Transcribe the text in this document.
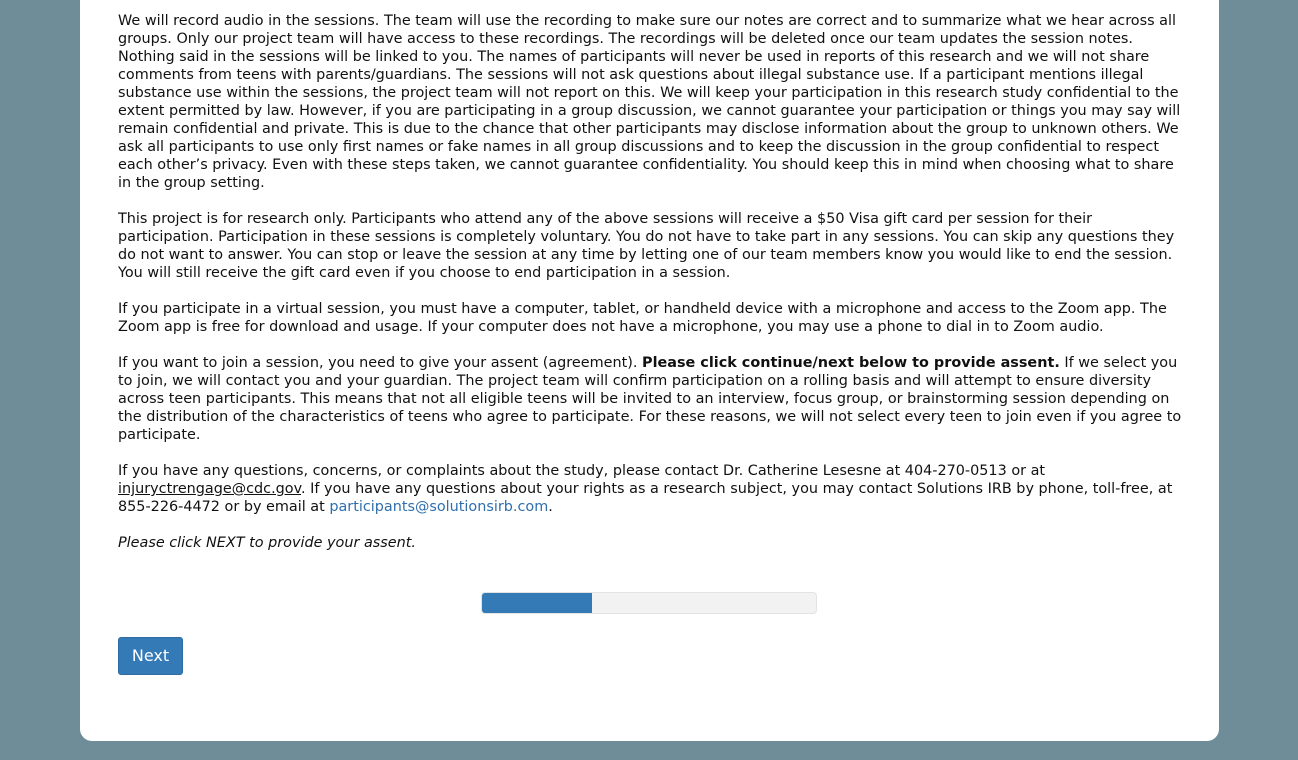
We will record audio in the sessions. The team will use the recording to make sure our notes are correct and to summarize what we hear across all groups. Only our project team will have access to these recordings. The recordings will be deleted once our team updates the session notes. Nothing said in the sessions will be linked to you. The names of participants will never be used in reports of this research and we will not share comments from teens with parents/guardians. The sessions will not ask questions about illegal substance use. If a participant mentions illegal substance use within the sessions, the project team will not report on this. We will keep your participation in this research study confidential to the extent permitted by law. However, if you are participating in a group discussion, we cannot guarantee your participation or things you may say will remain confidential and private. This is due to the chance that other participants may disclose information about the group to unknown others. We ask all participants to use only first names or fake names in all group discussions and to keep the discussion in the group confidential to respect each other’s privacy. Even with these steps taken, we cannot guarantee confidentiality. You should keep this in mind when choosing what to share in the group setting.

This project is for research only. Participants who attend any of the above sessions will receive a $50 Visa gift card per session for their participation. Participation in these sessions is completely voluntary. You do not have to take part in any sessions. You can skip any questions they do not want to answer. You can stop or leave the session at any time by letting one of our team members know you would like to end the session. You will still receive the gift card even if you choose to end participation in a session.

If you participate in a virtual session, you must have a computer, tablet, or handheld device with a microphone and access to the Zoom app. The Zoom app is free for download and usage. If your computer does not have a microphone, you may use a phone to dial in to Zoom audio.

If you want to join a session, you need to give your assent (agreement). Please click continue/next below to provide assent. If we select you to join, we will contact you and your guardian. The project team will confirm participation on a rolling basis and will attempt to ensure diversity across teen participants. This means that not all eligible teens will be invited to an interview, focus group, or brainstorming session depending on the distribution of the characteristics of teens who agree to participate. For these reasons, we will not select every teen to join even if you agree to participate.

If you have any questions, concerns, or complaints about the study, please contact Dr. Catherine Lesesne at 404-270-0513 or at injuryctrengage@cdc.gov. If you have any questions about your rights as a research subject, you may contact Solutions IRB by phone, toll-free, at 855-226-4472 or by email at participants@solutionsirb.com.

Please click NEXT to provide your assent.

Next
